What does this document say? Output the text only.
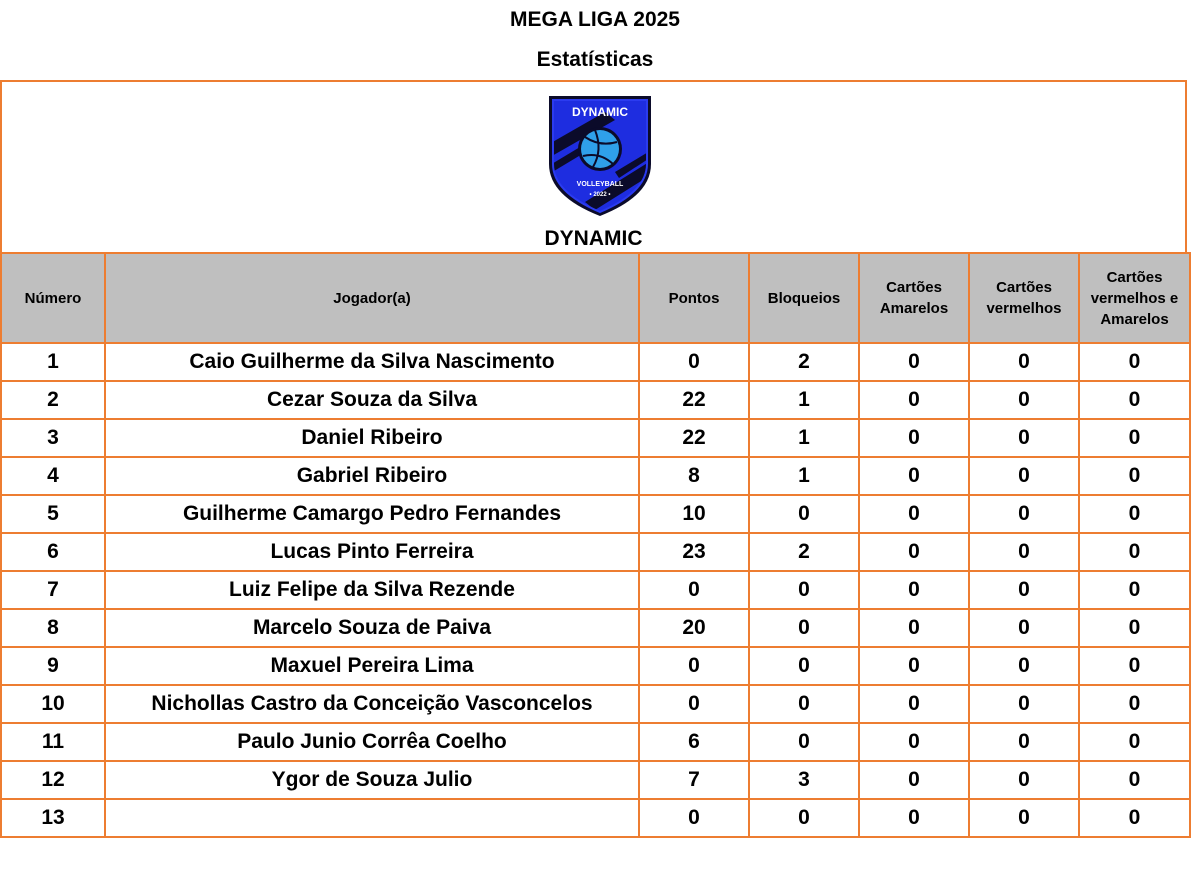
MEGA LIGA 2025
Estatísticas
DYNAMIC
VOLLEYBALL
• 2022 •
DYNAMIC
Número	Jogador(a)	Pontos	Bloqueios	Cartões Amarelos	Cartões vermelhos	Cartões vermelhos e Amarelos
1	Caio Guilherme da Silva Nascimento	0	2	0	0	0
2	Cezar Souza da Silva	22	1	0	0	0
3	Daniel Ribeiro	22	1	0	0	0
4	Gabriel Ribeiro	8	1	0	0	0
5	Guilherme Camargo Pedro Fernandes	10	0	0	0	0
6	Lucas Pinto Ferreira	23	2	0	0	0
7	Luiz Felipe da Silva Rezende	0	0	0	0	0
8	Marcelo Souza de Paiva	20	0	0	0	0
9	Maxuel Pereira Lima	0	0	0	0	0
10	Nichollas Castro da Conceição Vasconcelos	0	0	0	0	0
11	Paulo Junio Corrêa Coelho	6	0	0	0	0
12	Ygor de Souza Julio	7	3	0	0	0
13		0	0	0	0	0
